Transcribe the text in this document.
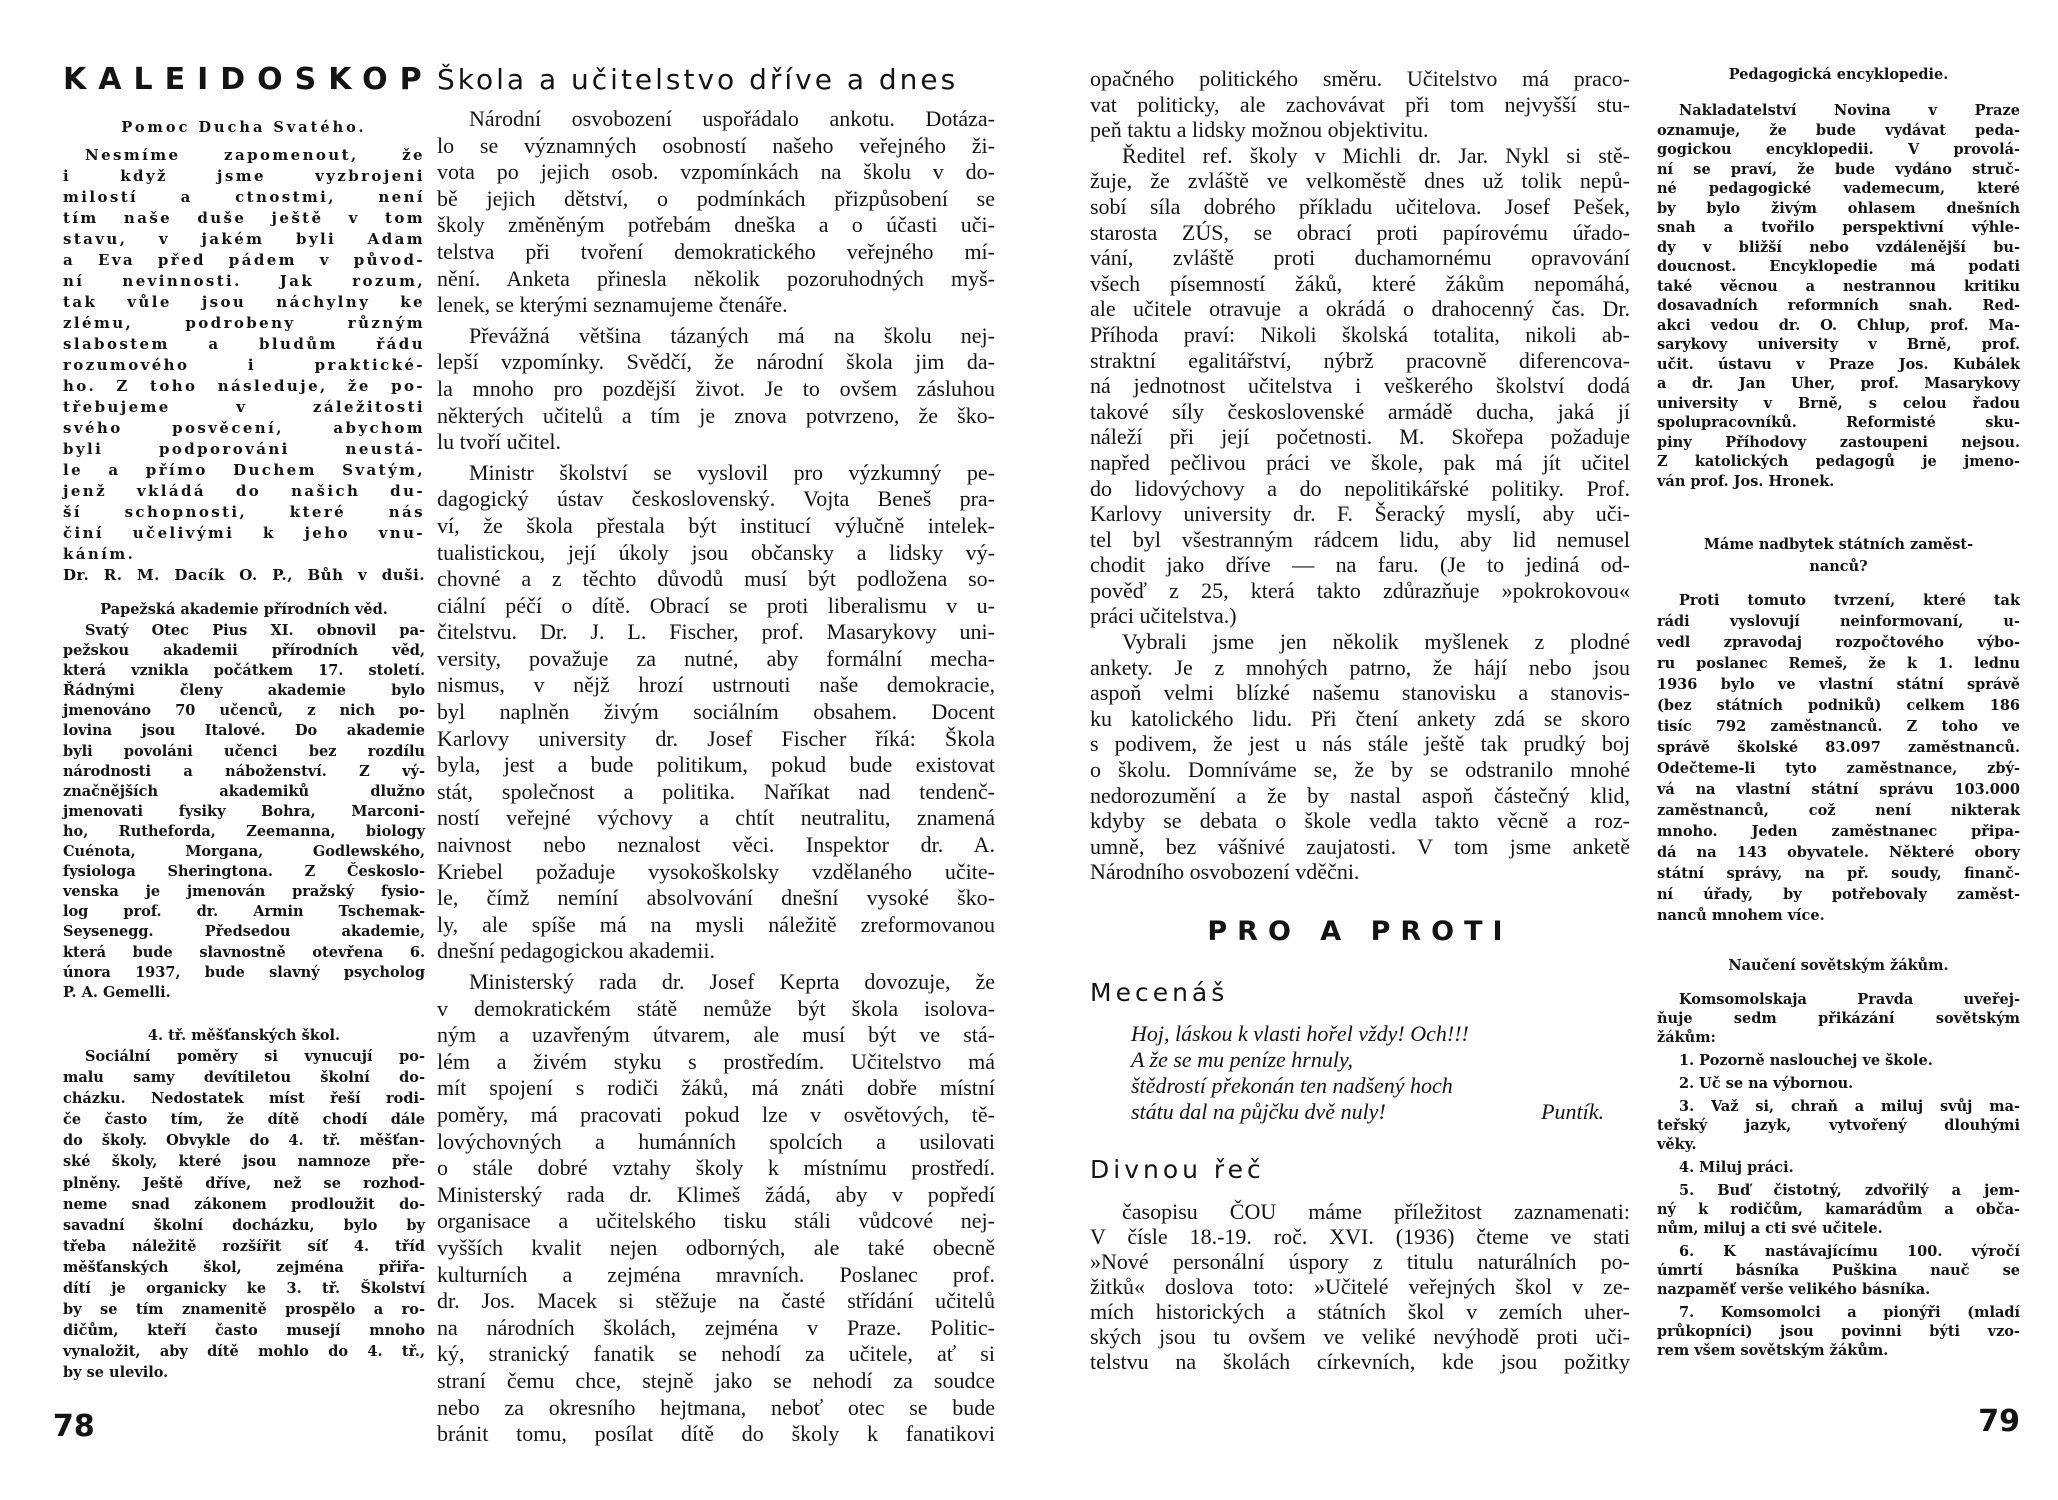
KALEIDOSKOP
Pomoc Ducha Svatého.
Nesmíme zapomenout, že
i když jsme vyzbrojeni
milostí a ctnostmi, není
tím naše duše ještě v tom
stavu, v jakém byli Adam
a Eva před pádem v původ-
ní nevinnosti. Jak rozum,
tak vůle jsou náchylny ke
zlému, podrobeny různým
slabostem a bludům řádu
rozumového i praktické-
ho. Z toho následuje, že po-
třebujeme v záležitosti
svého posvěcení, abychom
byli podporováni neustá-
le a přímo Duchem Svatým,
jenž vkládá do našich du-
ší schopnosti, které nás
činí učelivými k jeho vnu-
káním.
Dr. R. M. Dacík O. P., Bůh v duši.
Papežská akademie přírodních věd.
Svatý Otec Pius XI. obnovil pa-
pežskou akademii přírodních věd,
která vznikla počátkem 17. století.
Řádnými členy akademie bylo
jmenováno 70 učenců, z nich po-
lovina jsou Italové. Do akademie
byli povoláni učenci bez rozdílu
národnosti a náboženství. Z vý-
značnějších akademiků dlužno
jmenovati fysiky Bohra, Marconi-
ho, Rutheforda, Zeemanna, biology
Cuénota, Morgana, Godlewského,
fysiologa Sheringtona. Z Českoslo-
venska je jmenován pražský fysio-
log prof. dr. Armin Tschemak-
Seysenegg. Předsedou akademie,
která bude slavnostně otevřena 6.
února 1937, bude slavný psycholog
P. A. Gemelli.
4. tř. měšťanských škol.
Sociální poměry si vynucují po-
malu samy devítiletou školní do-
cházku. Nedostatek míst řeší rodi-
če často tím, že dítě chodí dále
do školy. Obvykle do 4. tř. měšťan-
ské školy, které jsou namnoze pře-
plněny. Ještě dříve, než se rozhod-
neme snad zákonem prodloužit do-
savadní školní docházku, bylo by
třeba náležitě rozšířit síť 4. tříd
měšťanských škol, zejména přiřa-
dítí je organicky ke 3. tř. Školství
by se tím znamenitě prospělo a ro-
dičům, kteří často musejí mnoho
vynaložit, aby dítě mohlo do 4. tř.,
by se ulevilo.
78
Škola a učitelstvo dříve a dnes
Národní osvobození uspořádalo ankotu. Dotáza-
lo se významných osobností našeho veřejného ži-
vota po jejich osob. vzpomínkách na školu v do-
bě jejich dětství, o podmínkách přizpůsobení se
školy změněným potřebám dneška a o účasti uči-
telstva při tvoření demokratického veřejného mí-
nění. Anketa přinesla několik pozoruhodných myš-
lenek, se kterými seznamujeme čtenáře.
Převážná většina tázaných má na školu nej-
lepší vzpomínky. Svědčí, že národní škola jim da-
la mnoho pro pozdější život. Je to ovšem zásluhou
některých učitelů a tím je znova potvrzeno, že ško-
lu tvoří učitel.
Ministr školství se vyslovil pro výzkumný pe-
dagogický ústav československý. Vojta Beneš pra-
ví, že škola přestala být institucí výlučně intelek-
tualistickou, její úkoly jsou občansky a lidsky vý-
chovné a z těchto důvodů musí být podložena so-
ciální péčí o dítě. Obrací se proti liberalismu v u-
čitelstvu. Dr. J. L. Fischer, prof. Masarykovy uni-
versity, považuje za nutné, aby formální mecha-
nismus, v nějž hrozí ustrnouti naše demokracie,
byl naplněn živým sociálním obsahem. Docent
Karlovy university dr. Josef Fischer říká: Škola
byla, jest a bude politikum, pokud bude existovat
stát, společnost a politika. Naříkat nad tendenč-
ností veřejné výchovy a chtít neutralitu, znamená
naivnost nebo neznalost věci. Inspektor dr. A.
Kriebel požaduje vysokoškolsky vzdělaného učite-
le, čímž nemíní absolvování dnešní vysoké ško-
ly, ale spíše má na mysli náležitě zreformovanou
dnešní pedagogickou akademii.
Ministerský rada dr. Josef Keprta dovozuje, že
v demokratickém státě nemůže být škola isolova-
ným a uzavřeným útvarem, ale musí být ve stá-
lém a živém styku s prostředím. Učitelstvo má
mít spojení s rodiči žáků, má znáti dobře místní
poměry, má pracovati pokud lze v osvětových, tě-
lovýchovných a humánních spolcích a usilovati
o stále dobré vztahy školy k místnímu prostředí.
Ministerský rada dr. Klimeš žádá, aby v popředí
organisace a učitelského tisku stáli vůdcové nej-
vyšších kvalit nejen odborných, ale také obecně
kulturních a zejména mravních. Poslanec prof.
dr. Jos. Macek si stěžuje na časté střídání učitelů
na národních školách, zejména v Praze. Politic-
ký, stranický fanatik se nehodí za učitele, ať si
straní čemu chce, stejně jako se nehodí za soudce
nebo za okresního hejtmana, neboť otec se bude
bránit tomu, posílat dítě do školy k fanatikovi
opačného politického směru. Učitelstvo má praco-
vat politicky, ale zachovávat při tom nejvyšší stu-
peň taktu a lidsky možnou objektivitu.
Ředitel ref. školy v Michli dr. Jar. Nykl si stě-
žuje, že zvláště ve velkoměstě dnes už tolik nepů-
sobí síla dobrého příkladu učitelova. Josef Pešek,
starosta ZÚS, se obrací proti papírovému úřado-
vání, zvláště proti duchamornému opravování
všech písemností žáků, které žákům nepomáhá,
ale učitele otravuje a okrádá o drahocenný čas. Dr.
Příhoda praví: Nikoli školská totalita, nikoli ab-
straktní egalitářství, nýbrž pracovně diferencova-
ná jednotnost učitelstva i veškerého školství dodá
takové síly československé armádě ducha, jaká jí
náleží při její početnosti. M. Skořepa požaduje
napřed pečlivou práci ve škole, pak má jít učitel
do lidovýchovy a do nepolitikářské politiky. Prof.
Karlovy university dr. F. Šeracký myslí, aby uči-
tel byl všestranným rádcem lidu, aby lid nemusel
chodit jako dříve — na faru. (Je to jediná od-
pověď z 25, která takto zdůrazňuje »pokrokovou«
práci učitelstva.)
Vybrali jsme jen několik myšlenek z plodné
ankety. Je z mnohých patrno, že hájí nebo jsou
aspoň velmi blízké našemu stanovisku a stanovis-
ku katolického lidu. Při čtení ankety zdá se skoro
s podivem, že jest u nás stále ještě tak prudký boj
o školu. Domníváme se, že by se odstranilo mnohé
nedorozumění a že by nastal aspoň částečný klid,
kdyby se debata o škole vedla takto věcně a roz-
umně, bez vášnivé zaujatosti. V tom jsme anketě
Národního osvobození vděčni.
PRO A PROTI
Mecenáš
Hoj, láskou k vlasti hořel vždy! Och!!!
A že se mu peníze hrnuly,
štědrostí překonán ten nadšený hoch
státu dal na půjčku dvě nuly!	Puntík.
Divnou řeč
časopisu ČOU máme příležitost zaznamenati:
V čísle 18.-19. roč. XVI. (1936) čteme ve stati
»Nové personální úspory z titulu naturálních po-
žitků« doslova toto: »Učitelé veřejných škol v ze-
mích historických a státních škol v zemích uher-
ských jsou tu ovšem ve veliké nevýhodě proti uči-
telstvu na školách církevních, kde jsou požitky
Pedagogická encyklopedie.
Nakladatelství Novina v Praze
oznamuje, že bude vydávat peda-
gogickou encyklopedii. V provolá-
ní se praví, že bude vydáno struč-
né pedagogické vademecum, které
by bylo živým ohlasem dnešních
snah a tvořilo perspektivní výhle-
dy v bližší nebo vzdálenější bu-
doucnost. Encyklopedie má podati
také věcnou a nestrannou kritiku
dosavadních reformních snah. Red-
akci vedou dr. O. Chlup, prof. Ma-
sarykovy university v Brně, prof.
učit. ústavu v Praze Jos. Kubálek
a dr. Jan Uher, prof. Masarykovy
university v Brně, s celou řadou
spolupracovníků. Reformisté sku-
piny Příhodovy zastoupeni nejsou.
Z katolických pedagogů je jmeno-
ván prof. Jos. Hronek.
Máme nadbytek státních zaměst-
nanců?
Proti tomuto tvrzení, které tak
rádi vyslovují neinformovaní, u-
vedl zpravodaj rozpočtového výbo-
ru poslanec Remeš, že k 1. lednu
1936 bylo ve vlastní státní správě
(bez státních podniků) celkem 186
tisíc 792 zaměstnanců. Z toho ve
správě školské 83.097 zaměstnanců.
Odečteme-li tyto zaměstnance, zbý-
vá na vlastní státní správu 103.000
zaměstnanců, což není nikterak
mnoho. Jeden zaměstnanec připa-
dá na 143 obyvatele. Některé obory
státní správy, na př. soudy, finanč-
ní úřady, by potřebovaly zaměst-
nanců mnohem více.
Naučení sovětským žákům.
Komsomolskaja Pravda uveřej-
ňuje sedm přikázání sovětským
žákům:
1. Pozorně naslouchej ve škole.
2. Uč se na výbornou.
3. Važ si, chraň a miluj svůj ma-
teřský jazyk, vytvořený dlouhými
věky.
4. Miluj práci.
5. Buď čistotný, zdvořilý a jem-
ný k rodičům, kamarádům a obča-
nům, miluj a cti své učitele.
6. K nastávajícímu 100. výročí
úmrtí básníka Puškina nauč se
nazpaměť verše velikého básníka.
7. Komsomolci a pionýři (mladí
průkopníci) jsou povinni býti vzo-
rem všem sovětským žákům.
79
